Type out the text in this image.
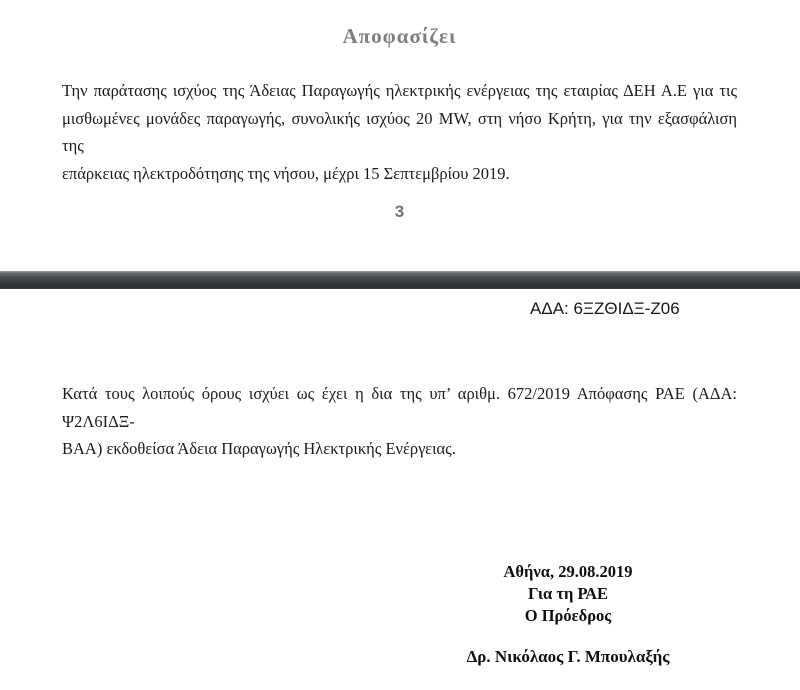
Αποφασίζει
Την παράτασης ισχύος της Άδειας Παραγωγής ηλεκτρικής ενέργειας της εταιρίας ΔΕΗ Α.Ε για τις
μισθωμένες μονάδες παραγωγής, συνολικής ισχύος 20 MW, στη νήσο Κρήτη, για την εξασφάλιση της
επάρκειας ηλεκτροδότησης της νήσου, μέχρι 15 Σεπτεμβρίου 2019.
3
ΑΔΑ: 6ΞΖΘΙΔΞ-Ζ06
Κατά τους λοιπούς όρους ισχύει ως έχει η δια της υπ’ αριθμ. 672/2019 Απόφασης ΡΑΕ (ΑΔΑ: Ψ2Λ6ΙΔΞ-
ΒΑΑ) εκδοθείσα Άδεια Παραγωγής Ηλεκτρικής Ενέργειας.
Αθήνα, 29.08.2019
Για τη ΡΑΕ
Ο Πρόεδρος
Δρ. Νικόλαος Γ. Μπουλαξής
